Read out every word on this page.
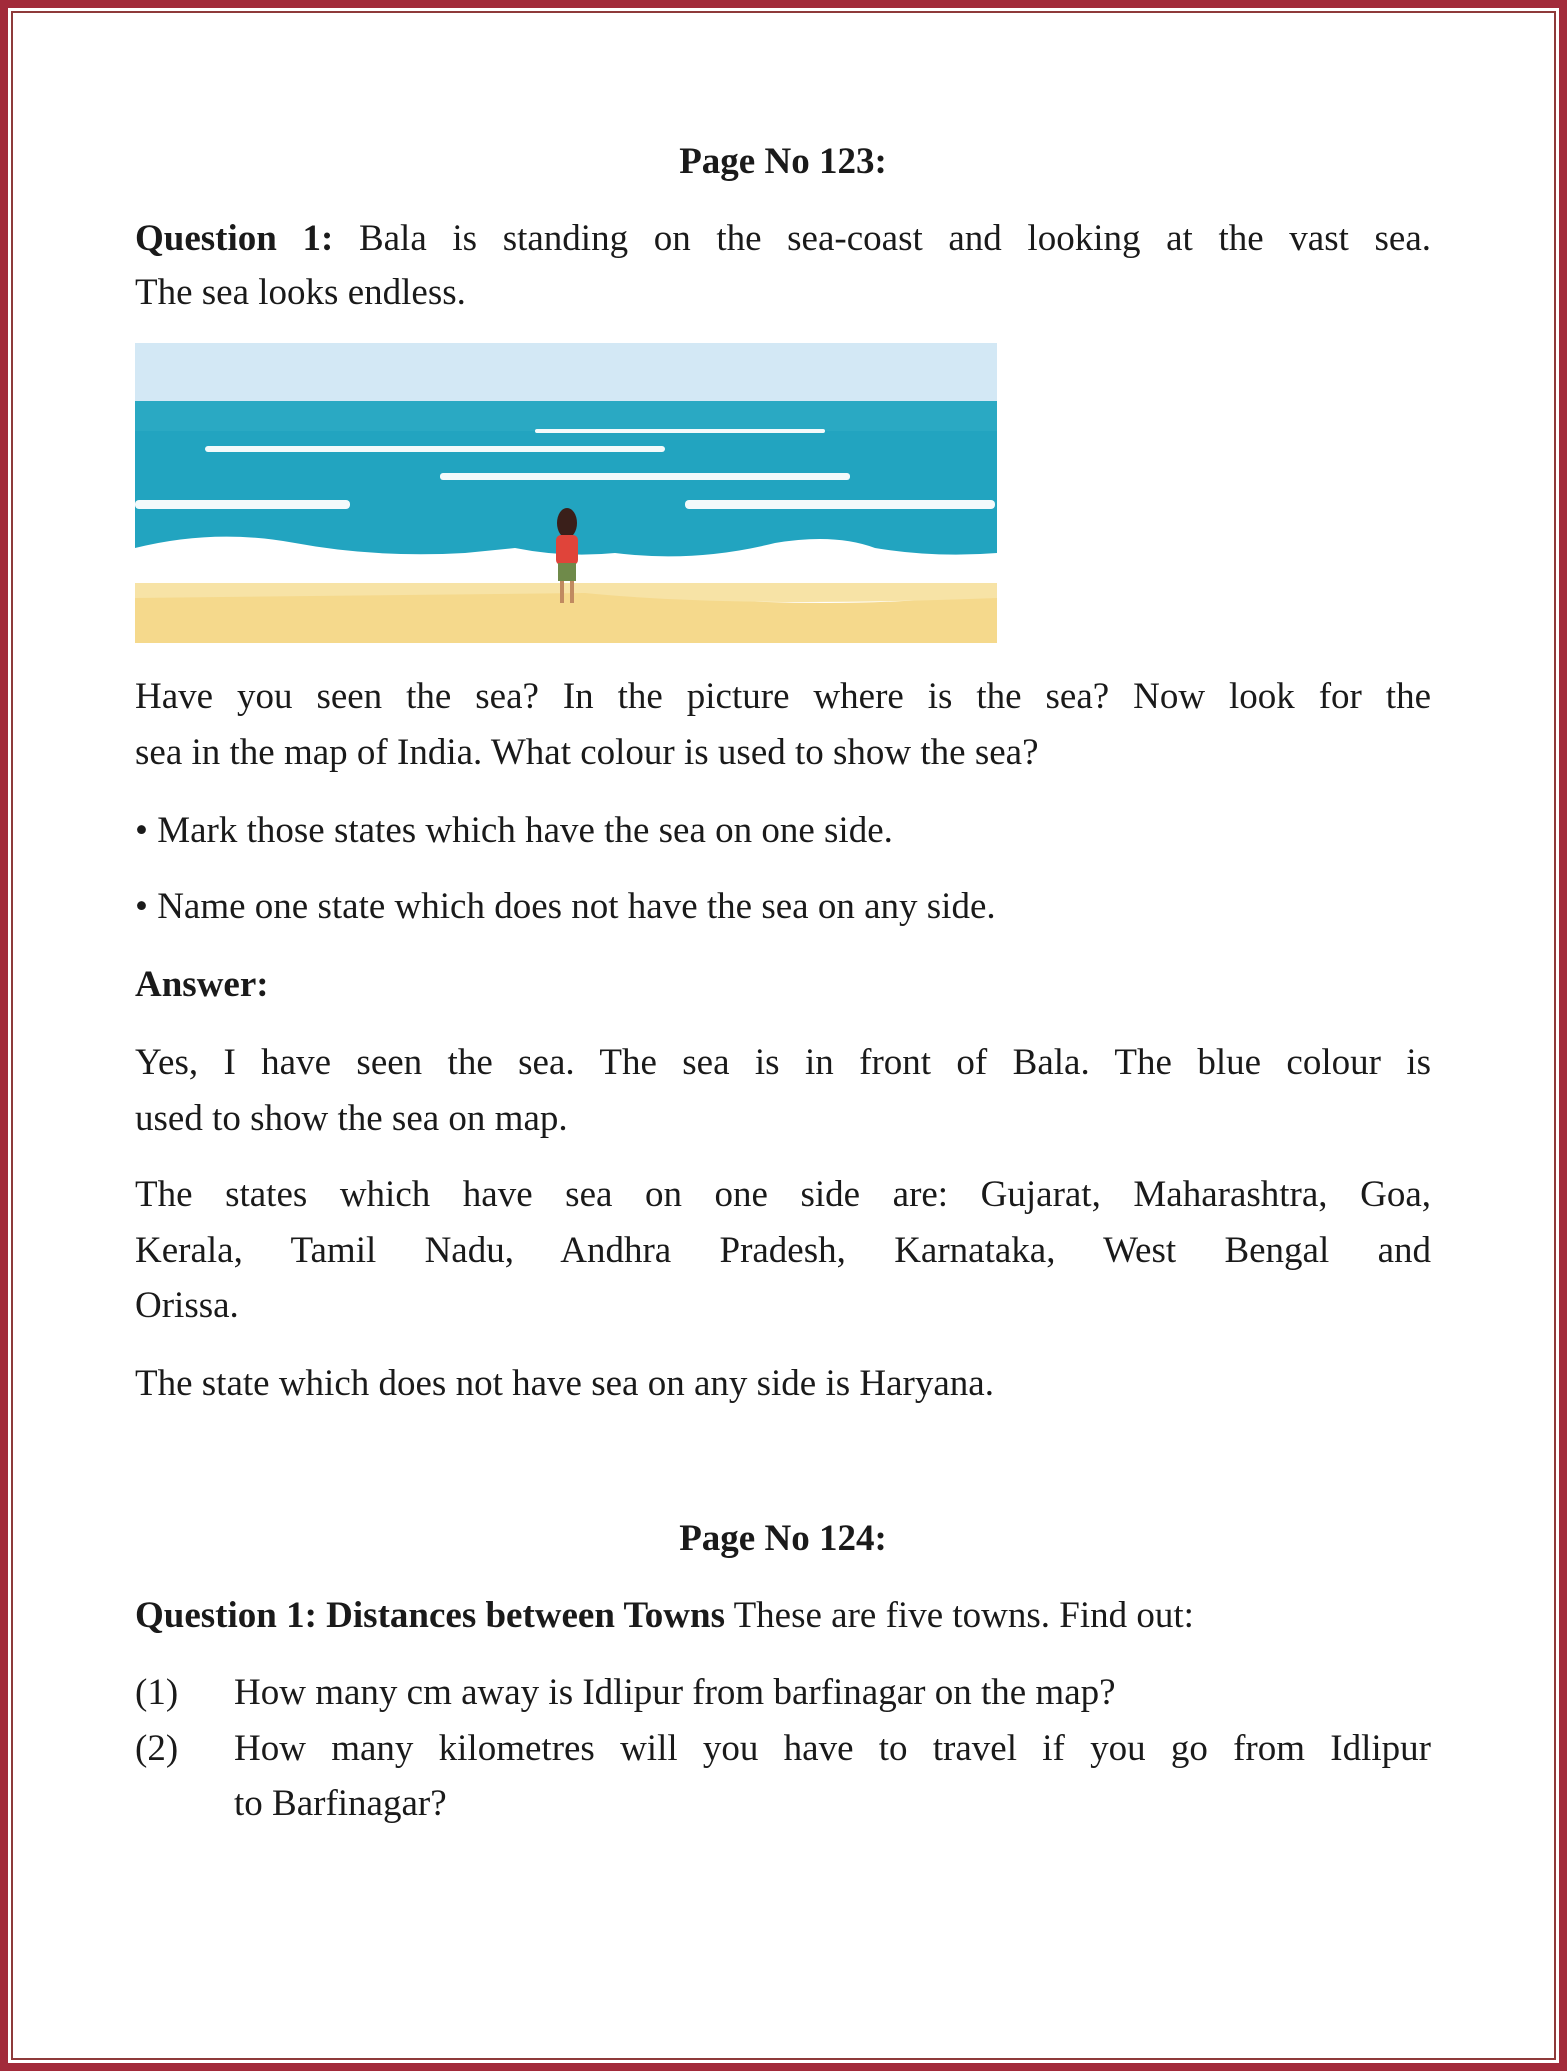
Page No 123:
Question 1: Bala is standing on the sea-coast and looking at the vast sea.
The sea looks endless.
Have you seen the sea? In the picture where is the sea? Now look for the
sea in the map of India. What colour is used to show the sea?
• Mark those states which have the sea on one side.
• Name one state which does not have the sea on any side.
Answer:
Yes, I have seen the sea. The sea is in front of Bala. The blue colour is
used to show the sea on map.
The states which have sea on one side are: Gujarat, Maharashtra, Goa,
Kerala, Tamil Nadu, Andhra Pradesh, Karnataka, West Bengal and
Orissa.
The state which does not have sea on any side is Haryana.
Page No 124:
Question 1: Distances between Towns These are five towns. Find out:
(1) How many cm away is Idlipur from barfinagar on the map?
(2) How many kilometres will you have to travel if you go from Idlipur
to Barfinagar?
